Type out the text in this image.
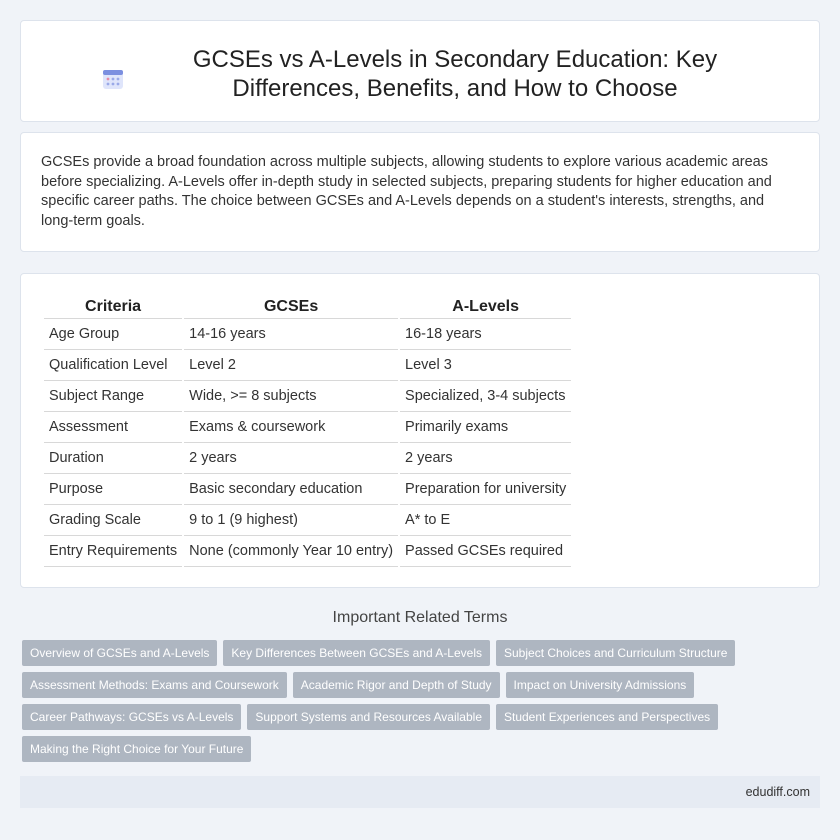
GCSEs vs A-Levels in Secondary Education: Key Differences, Benefits, and How to Choose

GCSEs provide a broad foundation across multiple subjects, allowing students to explore various academic areas before specializing. A-Levels offer in-depth study in selected subjects, preparing students for higher education and specific career paths. The choice between GCSEs and A-Levels depends on a student's interests, strengths, and long-term goals.

Criteria	GCSEs	A-Levels
Age Group	14-16 years	16-18 years
Qualification Level	Level 2	Level 3
Subject Range	Wide, >= 8 subjects	Specialized, 3-4 subjects
Assessment	Exams & coursework	Primarily exams
Duration	2 years	2 years
Purpose	Basic secondary education	Preparation for university
Grading Scale	9 to 1 (9 highest)	A* to E
Entry Requirements	None (commonly Year 10 entry)	Passed GCSEs required
Important Related Terms
Overview of GCSEs and A-Levels	Key Differences Between GCSEs and A-Levels	Subject Choices and Curriculum Structure
Assessment Methods: Exams and Coursework	Academic Rigor and Depth of Study	Impact on University Admissions
Career Pathways: GCSEs vs A-Levels	Support Systems and Resources Available	Student Experiences and Perspectives
Making the Right Choice for Your Future
edudiff.com
